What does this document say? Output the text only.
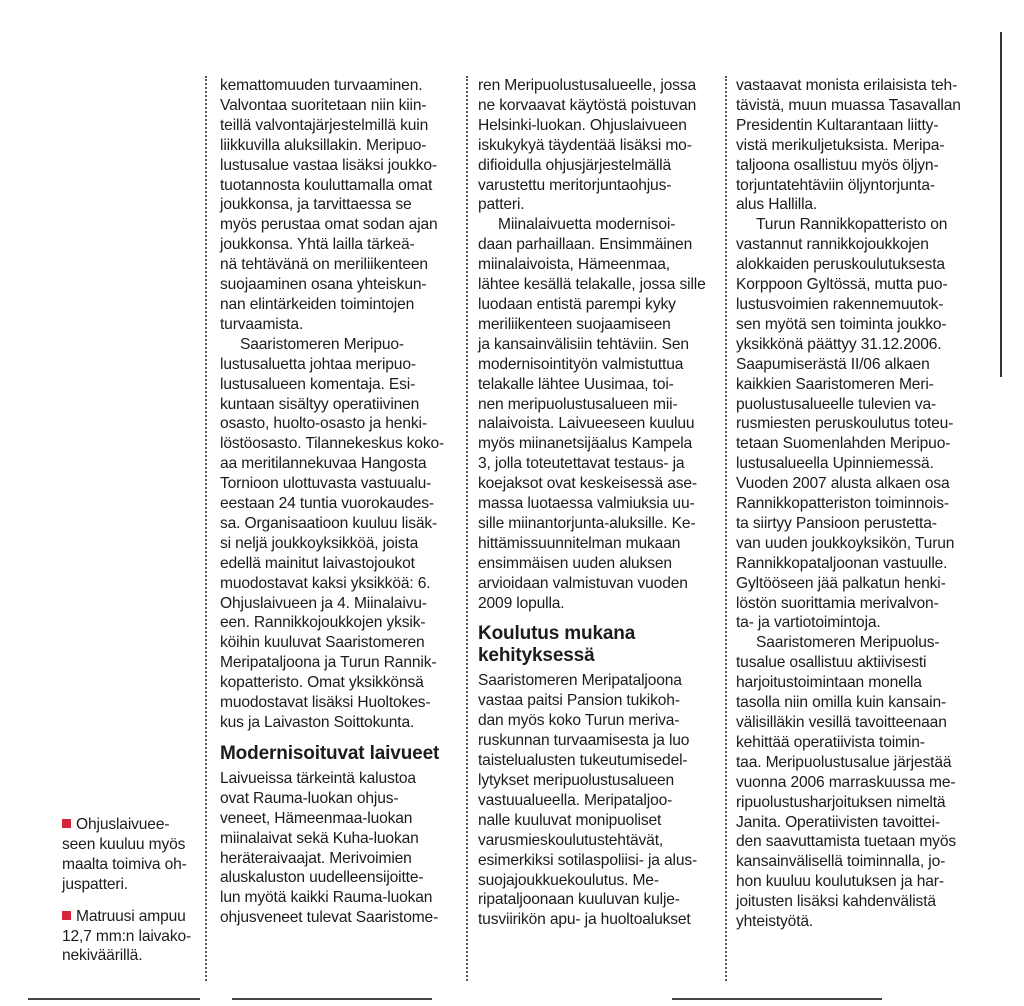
kemattomuuden turvaaminen.
Valvontaa suoritetaan niin kiin-
teillä valvontajärjestelmillä kuin
liikkuvilla aluksillakin. Meripuo-
lustusalue vastaa lisäksi joukko-
tuotannosta kouluttamalla omat
joukkonsa, ja tarvittaessa se
myös perustaa omat sodan ajan
joukkonsa. Yhtä lailla tärkeä-
nä tehtävänä on meriliikenteen
suojaaminen osana yhteiskun-
nan elintärkeiden toimintojen
turvaamista.
Saaristomeren Meripuo-
lustusaluetta johtaa meripuo-
lustusalueen komentaja. Esi-
kuntaan sisältyy operatiivinen
osasto, huolto-osasto ja henki-
löstöosasto. Tilannekeskus koko-
aa meritilannekuvaa Hangosta
Tornioon ulottuvasta vastuualu-
eestaan 24 tuntia vuorokaudes-
sa. Organisaatioon kuuluu lisäk-
si neljä joukkoyksikköä, joista
edellä mainitut laivastojoukot
muodostavat kaksi yksikköä: 6.
Ohjuslaivueen ja 4. Miinalaivu-
een. Rannikkojoukkojen yksik-
köihin kuuluvat Saaristomeren
Meripataljoona ja Turun Rannik-
kopatteristo. Omat yksikkönsä
muodostavat lisäksi Huoltokes-
kus ja Laivaston Soittokunta.
Modernisoituvat laivueet
Laivueissa tärkeintä kalustoa
ovat Rauma-luokan ohjus-
veneet, Hämeenmaa-luokan
miinalaivat sekä Kuha-luokan
heräteraivaajat. Merivoimien
aluskaluston uudelleensijoitte-
lun myötä kaikki Rauma-luokan
ohjusveneet tulevat Saaristome-
ren Meripuolustusalueelle, jossa
ne korvaavat käytöstä poistuvan
Helsinki-luokan. Ohjuslaivueen
iskukykyä täydentää lisäksi mo-
difioidulla ohjusjärjestelmällä
varustettu meritorjuntaohjus-
patteri.
Miinalaivuetta modernisoi-
daan parhaillaan. Ensimmäinen
miinalaivoista, Hämeenmaa,
lähtee kesällä telakalle, jossa sille
luodaan entistä parempi kyky
meriliikenteen suojaamiseen
ja kansainvälisiin tehtäviin. Sen
modernisointityön valmistuttua
telakalle lähtee Uusimaa, toi-
nen meripuolustusalueen mii-
nalaivoista. Laivueeseen kuuluu
myös miinanetsijäalus Kampela
3, jolla toteutettavat testaus- ja
koejaksot ovat keskeisessä ase-
massa luotaessa valmiuksia uu-
sille miinantorjunta-aluksille. Ke-
hittämissuunnitelman mukaan
ensimmäisen uuden aluksen
arvioidaan valmistuvan vuoden
2009 lopulla.
Koulutus mukana
kehityksessä
Saaristomeren Meripataljoona
vastaa paitsi Pansion tukikoh-
dan myös koko Turun meriva-
ruskunnan turvaamisesta ja luo
taistelualusten tukeutumisedel-
lytykset meripuolustusalueen
vastuualueella. Meripataljoo-
nalle kuuluvat monipuoliset
varusmieskoulutustehtävät,
esimerkiksi sotilaspoliisi- ja alus-
suojajoukkuekoulutus. Me-
ripataljoonaan kuuluvan kulje-
tusviirikön apu- ja huoltoalukset
vastaavat monista erilaisista teh-
tävistä, muun muassa Tasavallan
Presidentin Kultarantaan liitty-
vistä merikuljetuksista. Meripa-
taljoona osallistuu myös öljyn-
torjuntatehtäviin öljyntorjunta-
alus Hallilla.
Turun Rannikkopatteristo on
vastannut rannikkojoukkojen
alokkaiden peruskoulutuksesta
Korppoon Gyltössä, mutta puo-
lustusvoimien rakennemuutok-
sen myötä sen toiminta joukko-
yksikkönä päättyy 31.12.2006.
Saapumiserästä II/06 alkaen
kaikkien Saaristomeren Meri-
puolustusalueelle tulevien va-
rusmiesten peruskoulutus toteu-
tetaan Suomenlahden Meripuo-
lustusalueella Upinniemessä.
Vuoden 2007 alusta alkaen osa
Rannikkopatteriston toiminnois-
ta siirtyy Pansioon perustetta-
van uuden joukkoyksikön, Turun
Rannikkopataljoonan vastuulle.
Gyltööseen jää palkatun henki-
löstön suorittamia merivalvon-
ta- ja vartiotoimintoja.
Saaristomeren Meripuolus-
tusalue osallistuu aktiivisesti
harjoitustoimintaan monella
tasolla niin omilla kuin kansain-
välisilläkin vesillä tavoitteenaan
kehittää operatiivista toimin-
taa. Meripuolustusalue järjestää
vuonna 2006 marraskuussa me-
ripuolustusharjoituksen nimeltä
Janita. Operatiivisten tavoittei-
den saavuttamista tuetaan myös
kansainvälisellä toiminnalla, jo-
hon kuuluu koulutuksen ja har-
joitusten lisäksi kahdenvälistä
yhteistyötä.
Ohjuslaivuee-
seen kuuluu myös
maalta toimiva oh-
juspatteri.
Matruusi ampuu
12,7 mm:n laivako-
nekiväärillä.
